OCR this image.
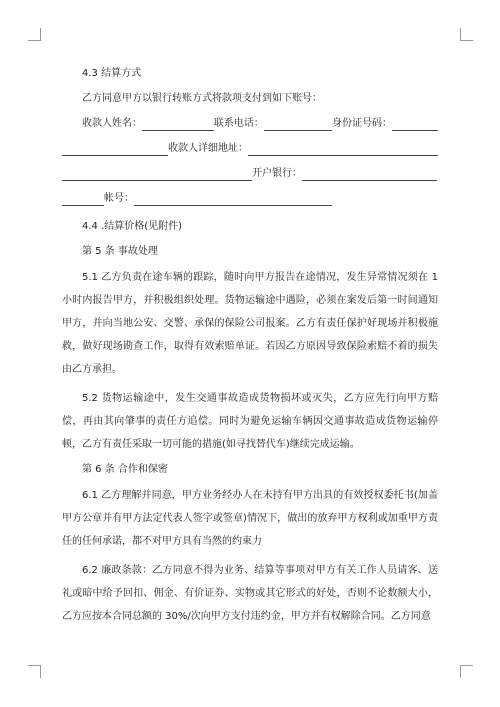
4.3 结算方式
乙方同意甲方以银行转账方式将款项支付到如下账号：
收款人姓名：	联系电话：	身份证号码：
收款人详细地址：
开户银行：
帐号：
4.4 .结算价格(见附件)
第 5 条 事故处理
5.1 乙方负责在途车辆的跟踪，随时向甲方报告在途情况，发生异常情况须在 1 小时内报告甲方，并积极组织处理。货物运输途中遇险，必须在案发后第一时间通知甲方，并向当地公安、交警、承保的保险公司报案。乙方有责任保护好现场并积极施救，做好现场勘查工作，取得有效索赔单证。若因乙方原因导致保险索赔不着的损失由乙方承担。
5.2 货物运输途中，发生交通事故造成货物损坏或灭失，乙方应先行向甲方赔偿，再由其向肇事的责任方追偿。同时为避免运输车辆因交通事故造成货物运输停顿，乙方有责任采取一切可能的措施(如寻找替代车)继续完成运输。
第 6 条 合作和保密
6.1 乙方理解并同意，甲方业务经办人在未持有甲方出具的有效授权委托书(加盖甲方公章并有甲方法定代表人签字或签章)情况下，做出的放弃甲方权利或加重甲方责任的任何承诺，都不对甲方具有当然的约束力
6.2 廉政条款：乙方同意不得为业务、结算等事项对甲方有关工作人员请客、送礼或暗中给予回扣、佣金、有价证券、实物或其它形式的好处，否则不论数额大小，乙方应按本合同总额的 30%/次向甲方支付违约金，甲方并有权解除合同。乙方同意
